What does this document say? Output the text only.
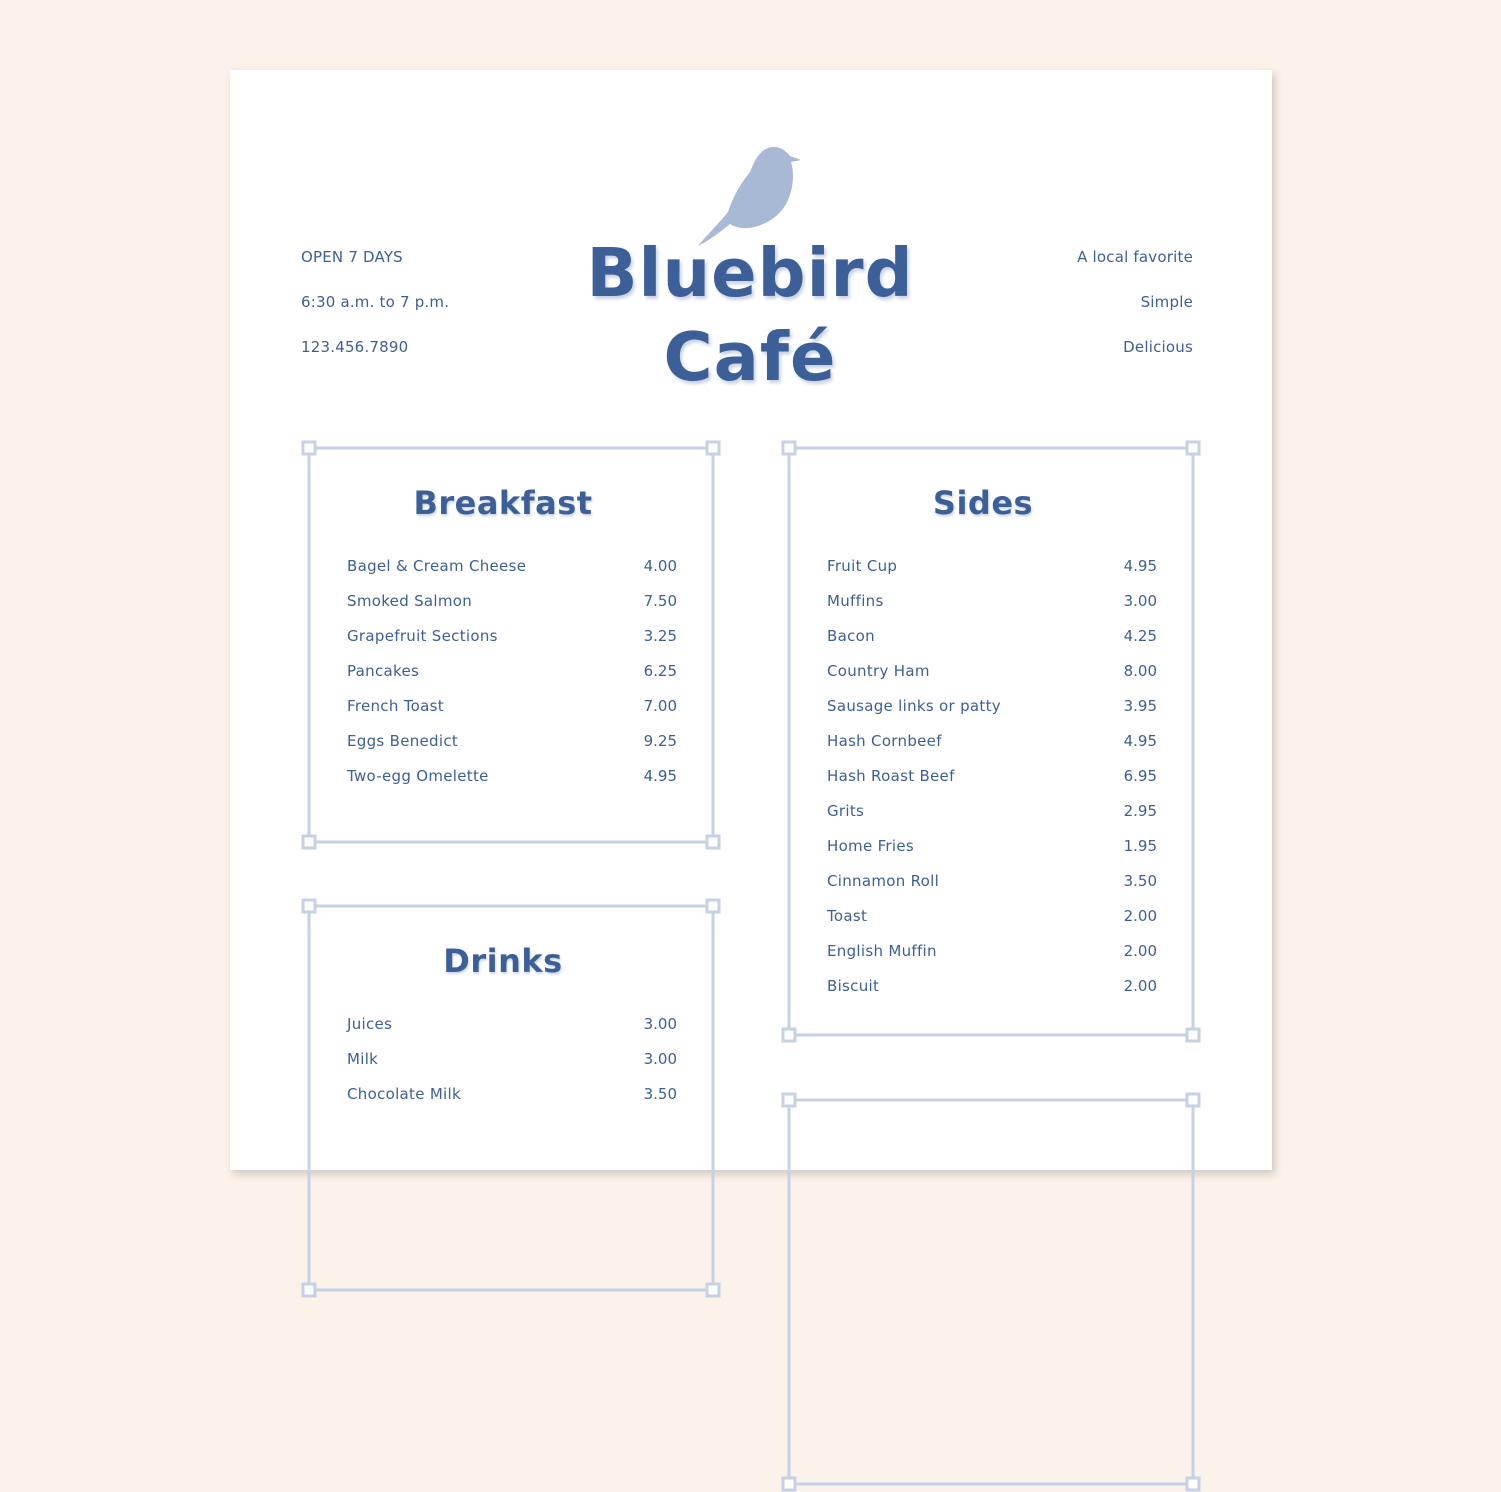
OPEN 7 DAYS
6:30 a.m. to 7 p.m.
123.456.7890
Bluebird
Café
A local favorite
Simple
Delicious
Breakfast
Bagel & Cream Cheese	4.00
Smoked Salmon	7.50
Grapefruit Sections	3.25
Pancakes	6.25
French Toast	7.00
Eggs Benedict	9.25
Two-egg Omelette	4.95
Drinks
Juices	3.00
Milk	3.00
Chocolate Milk	3.50
Sides
Fruit Cup	4.95
Muffins	3.00
Bacon	4.25
Country Ham	8.00
Sausage links or patty	3.95
Hash Cornbeef	4.95
Hash Roast Beef	6.95
Grits	2.95
Home Fries	1.95
Cinnamon Roll	3.50
Toast	2.00
English Muffin	2.00
Biscuit	2.00
